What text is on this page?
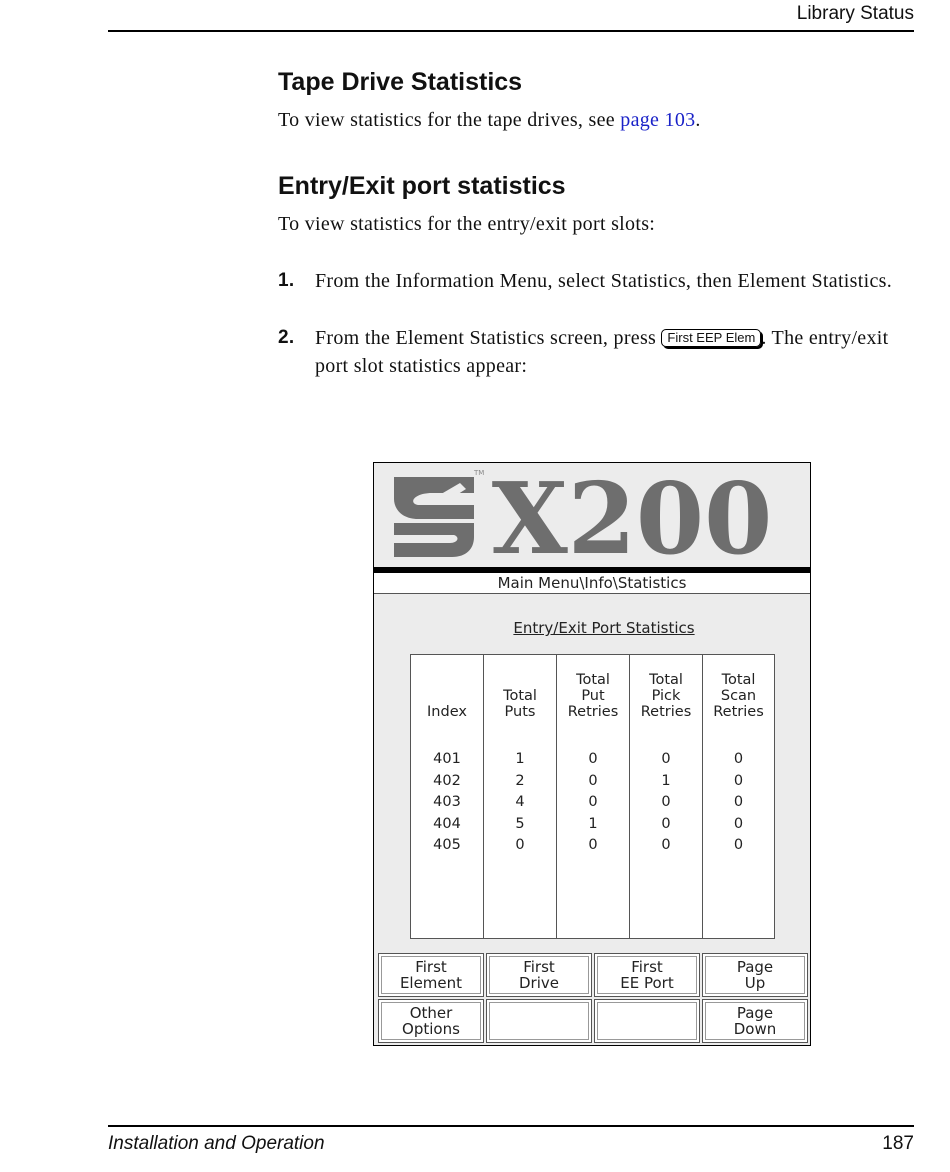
Library Status
Tape Drive Statistics

To view statistics for the tape drives, see page 103.

Entry/Exit port statistics

To view statistics for the entry/exit port slots:

1. From the Information Menu, select Statistics, then Element Statistics.
2. From the Element Statistics screen, press First EEP Elem . The entry/exit port slot statistics appear:
X200
TM
Main Menu\Info\Statistics
Entry/Exit Port Statistics
Index
401
402
403
404
405
Total
Puts
1
2
4
5
0
Total
Put
Retries
0
0
0
1
0
Total
Pick
Retries
0
1
0
0
0
Total
Scan
Retries
0
0
0
0
0
First
Element
First
Drive
First
EE Port
Page
Up
Other
Options
Page
Down
Installation and Operation	187
